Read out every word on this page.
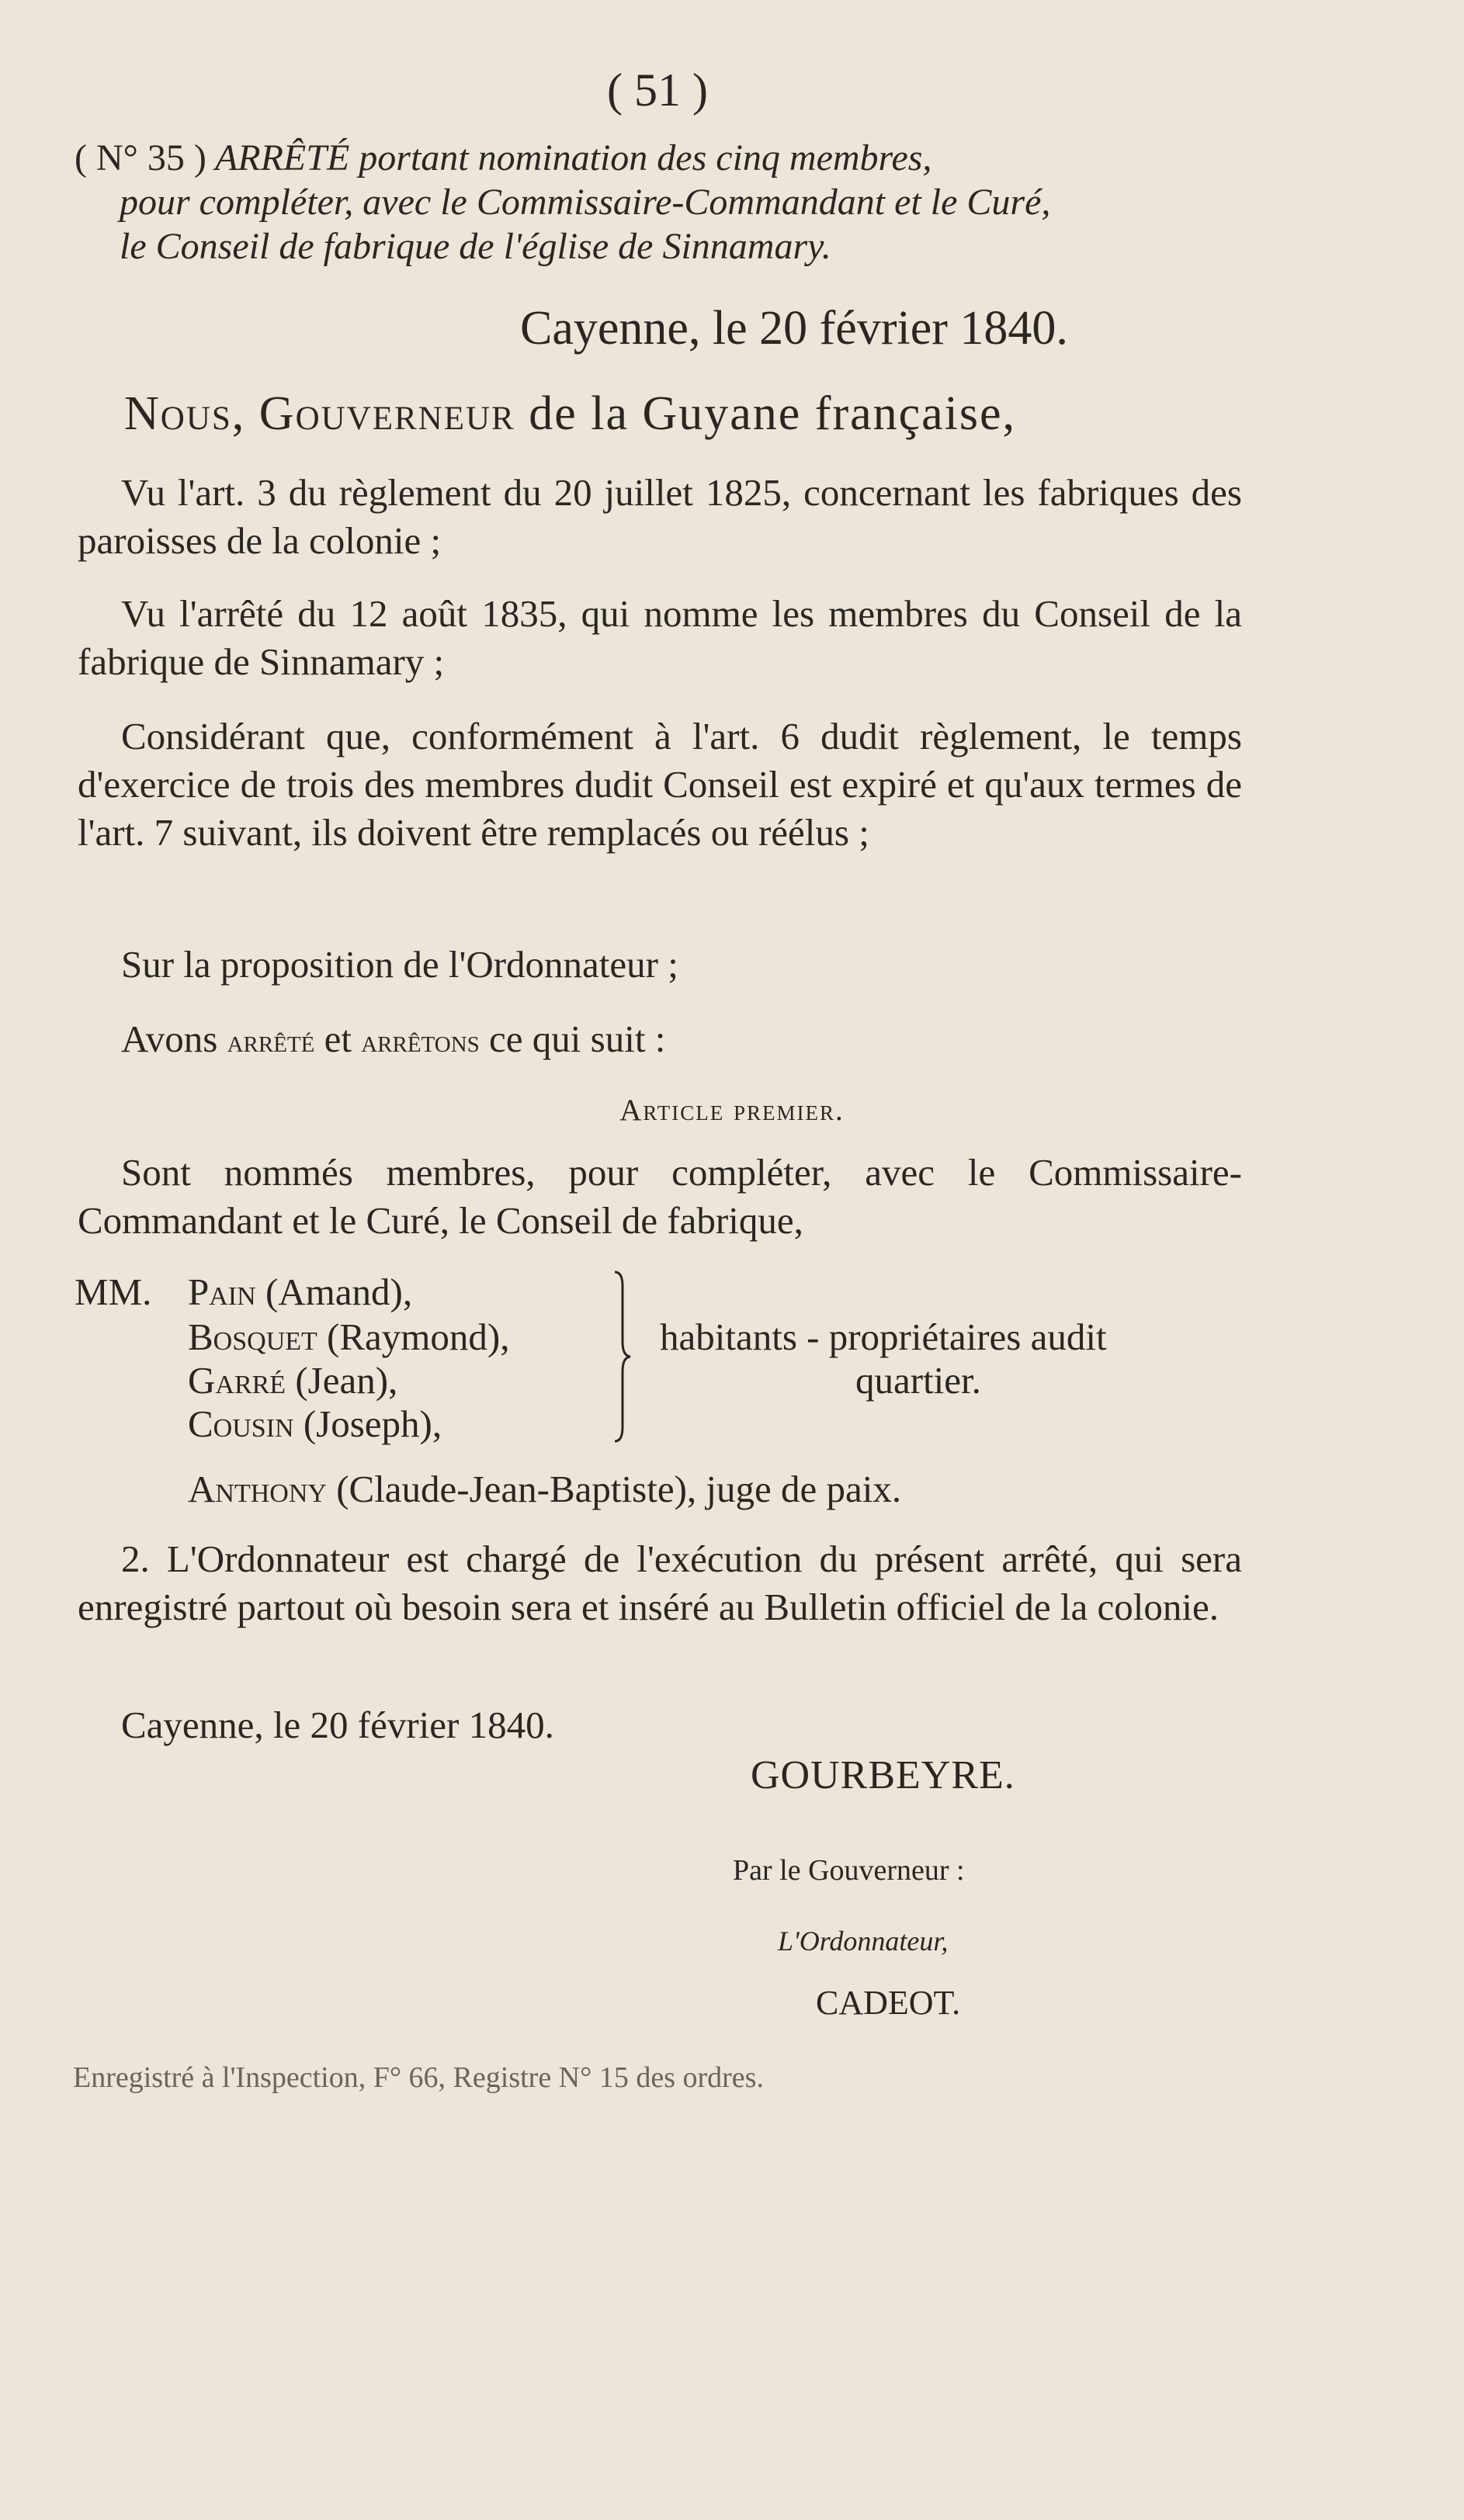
( 51 )
( N° 35 ) ARRÊTÉ portant nomination des cinq membres,
pour compléter, avec le Commissaire-Commandant et le Curé,
le Conseil de fabrique de l'église de Sinnamary.
Cayenne, le 20 février 1840.
Nous, Gouverneur de la Guyane française,
Vu l'art. 3 du règlement du 20 juillet 1825, concernant les fabriques des paroisses de la colonie ;
Vu l'arrêté du 12 août 1835, qui nomme les membres du Conseil de la fabrique de Sinnamary ;
Considérant que, conformément à l'art. 6 dudit règlement, le temps d'exercice de trois des membres dudit Conseil est expiré et qu'aux termes de l'art. 7 suivant, ils doivent être remplacés ou réélus ;
Sur la proposition de l'Ordonnateur ;
Avons arrêté et arrêtons ce qui suit :
Article premier.
Sont nommés membres, pour compléter, avec le Commissaire-Commandant et le Curé, le Conseil de fabrique,
MM. Pain (Amand),
Bosquet (Raymond),
Garré (Jean),
Cousin (Joseph),
habitants - propriétaires audit
quartier.
Anthony (Claude-Jean-Baptiste), juge de paix.
2. L'Ordonnateur est chargé de l'exécution du présent arrêté, qui sera enregistré partout où besoin sera et inséré au Bulletin officiel de la colonie.
Cayenne, le 20 février 1840.
GOURBEYRE.
Par le Gouverneur :
L'Ordonnateur,
CADEOT.
Enregistré à l'Inspection, F° 66, Registre N° 15 des ordres.
